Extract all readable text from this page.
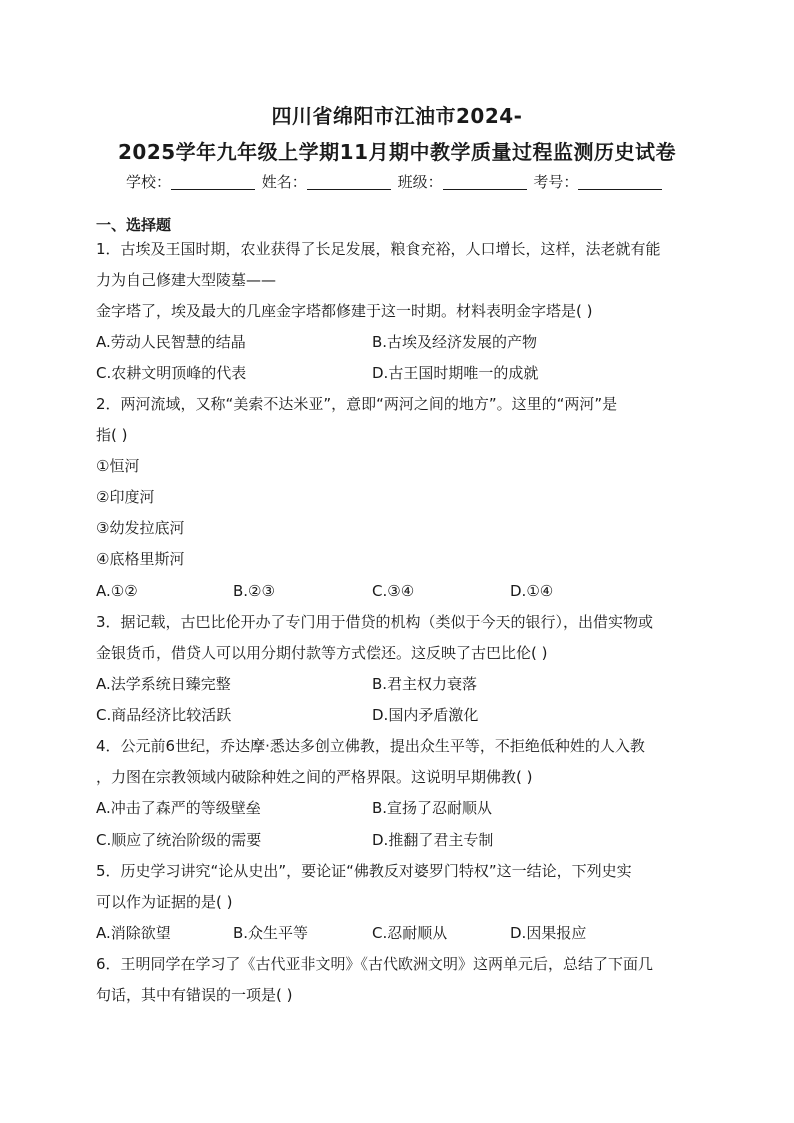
四川省绵阳市江油市2024-
2025学年九年级上学期11月期中教学质量过程监测历史试卷
学校：	姓名：	班级：	考号：
一、选择题
1．古埃及王国时期，农业获得了长足发展，粮食充裕，人口增长，这样，法老就有能
力为自己修建大型陵墓——
金字塔了，埃及最大的几座金字塔都修建于这一时期。材料表明金字塔是( )
A.劳动人民智慧的结晶	B.古埃及经济发展的产物
C.农耕文明顶峰的代表	D.古王国时期唯一的成就
2．两河流域，又称“美索不达米亚”，意即“两河之间的地方”。这里的“两河”是
指( )
①恒河
②印度河
③幼发拉底河
④底格里斯河
A.①②	B.②③	C.③④	D.①④
3．据记载，古巴比伦开办了专门用于借贷的机构（类似于今天的银行），出借实物或
金银货币，借贷人可以用分期付款等方式偿还。这反映了古巴比伦( )
A.法学系统日臻完整	B.君主权力衰落
C.商品经济比较活跃	D.国内矛盾激化
4．公元前6世纪，乔达摩·悉达多创立佛教，提出众生平等，不拒绝低种姓的人入教
，力图在宗教领域内破除种姓之间的严格界限。这说明早期佛教( )
A.冲击了森严的等级壁垒	B.宣扬了忍耐顺从
C.顺应了统治阶级的需要	D.推翻了君主专制
5．历史学习讲究“论从史出”，要论证“佛教反对婆罗门特权”这一结论，下列史实
可以作为证据的是( )
A.消除欲望	B.众生平等	C.忍耐顺从	D.因果报应
6．王明同学在学习了《古代亚非文明》《古代欧洲文明》这两单元后，总结了下面几
句话，其中有错误的一项是( )
